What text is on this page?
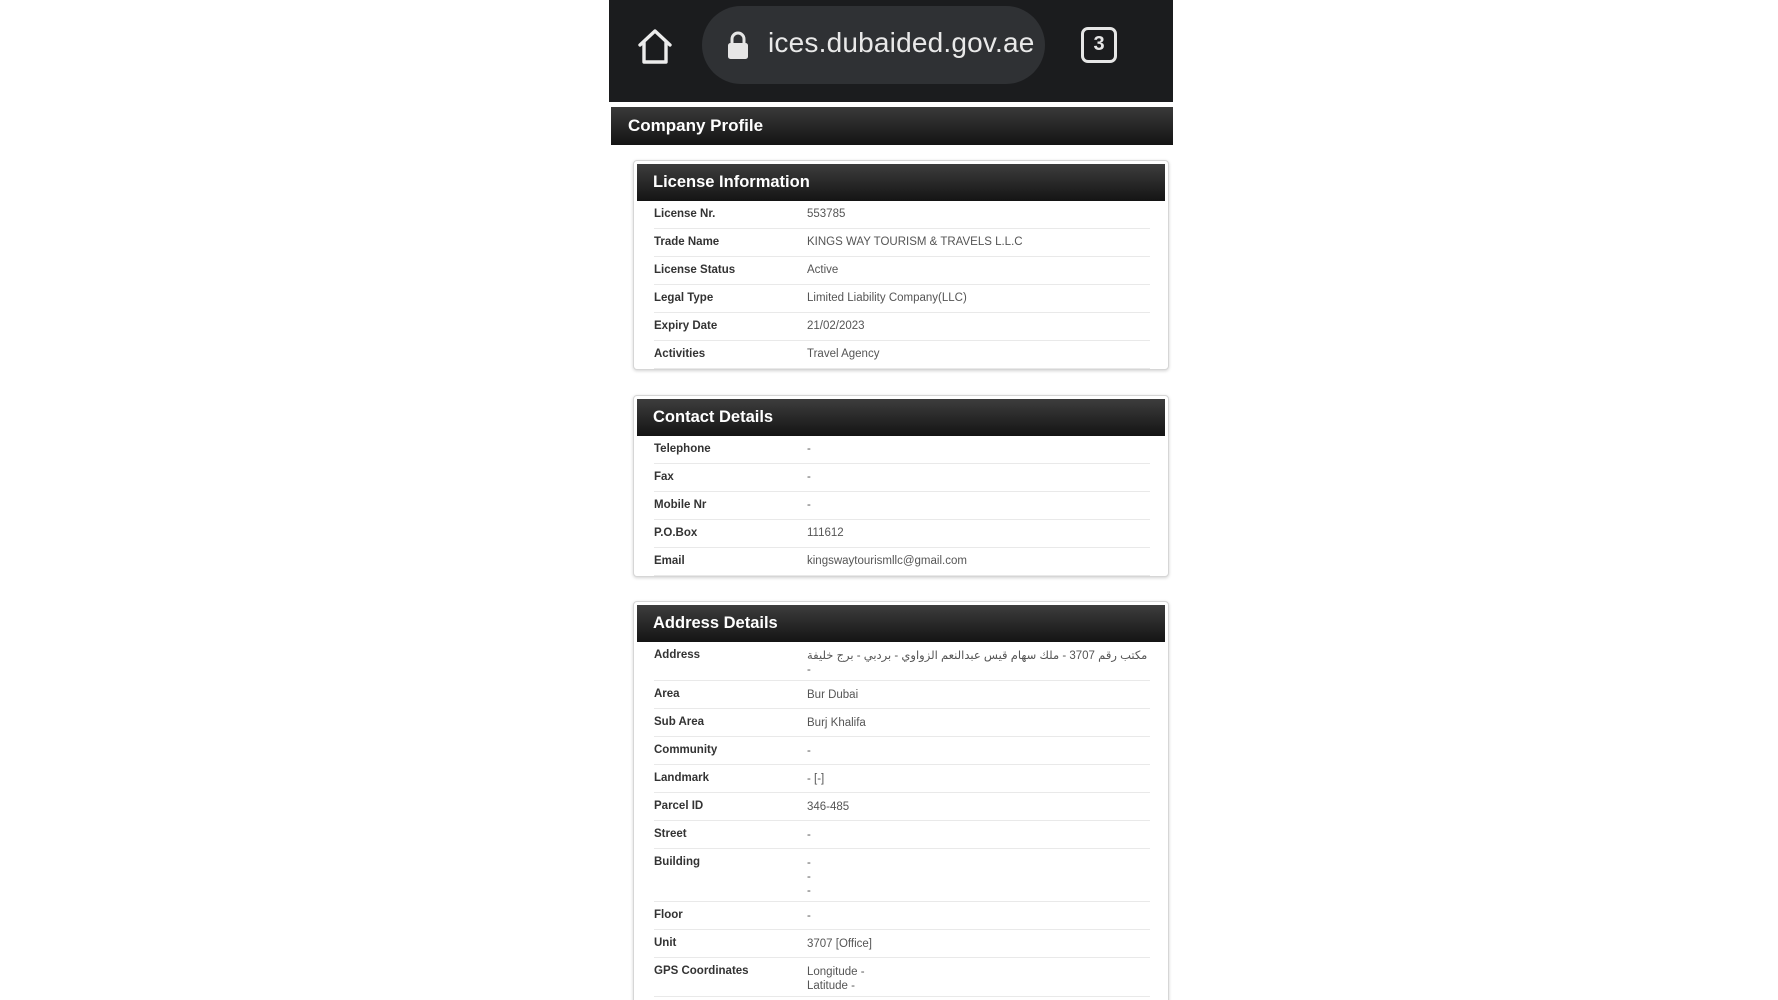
ices.dubaided.gov.ae	3
Company Profile
License Information
License Nr.	553785
Trade Name	KINGS WAY TOURISM & TRAVELS L.L.C
License Status	Active
Legal Type	Limited Liability Company(LLC)
Expiry Date	21/02/2023
Activities	Travel Agency
Contact Details
Telephone	-
Fax	-
Mobile Nr	-
P.O.Box	111612
Email	kingswaytourismllc@gmail.com
Address Details
Address	مكتب رقم 3707 - ملك سهام قيس عبدالنعم الزواوي - بردبي - برج خليفة
-
Area	Bur Dubai
Sub Area	Burj Khalifa
Community	-
Landmark	- [-]
Parcel ID	346-485
Street	-
Building	-
-
-
Floor	-
Unit	3707 [Office]
GPS Coordinates	Longitude -
Latitude -
